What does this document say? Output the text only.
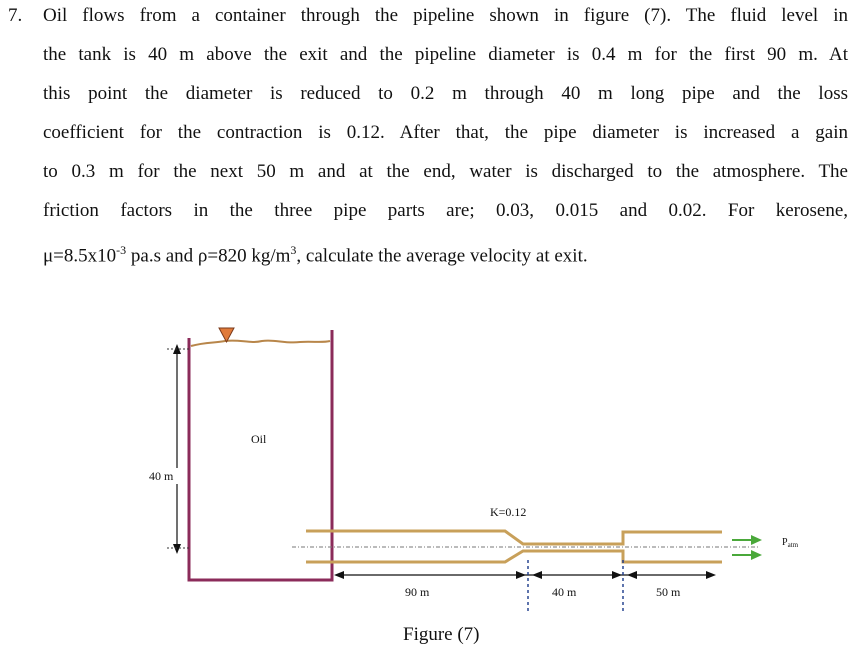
7. Oil flows from a container through the pipeline shown in figure (7). The fluid level in
the tank is 40 m above the exit and the pipeline diameter is 0.4 m for the first 90 m. At
this point the diameter is reduced to 0.2 m through 40 m long pipe and the loss
coefficient for the contraction is 0.12. After that, the pipe diameter is increased a gain
to 0.3 m for the next 50 m and at the end, water is discharged to the atmosphere. The
friction factors in the three pipe parts are; 0.03, 0.015 and 0.02. For kerosene,
$\mu=8.5x10^{-3}$ pa.s and ρ=820 $kg/m^3$, calculate the average velocity at exit.
40 m
Oil
K=0.12
$P_{atm}$
90 m	40 m	50 m
Figure (7)
